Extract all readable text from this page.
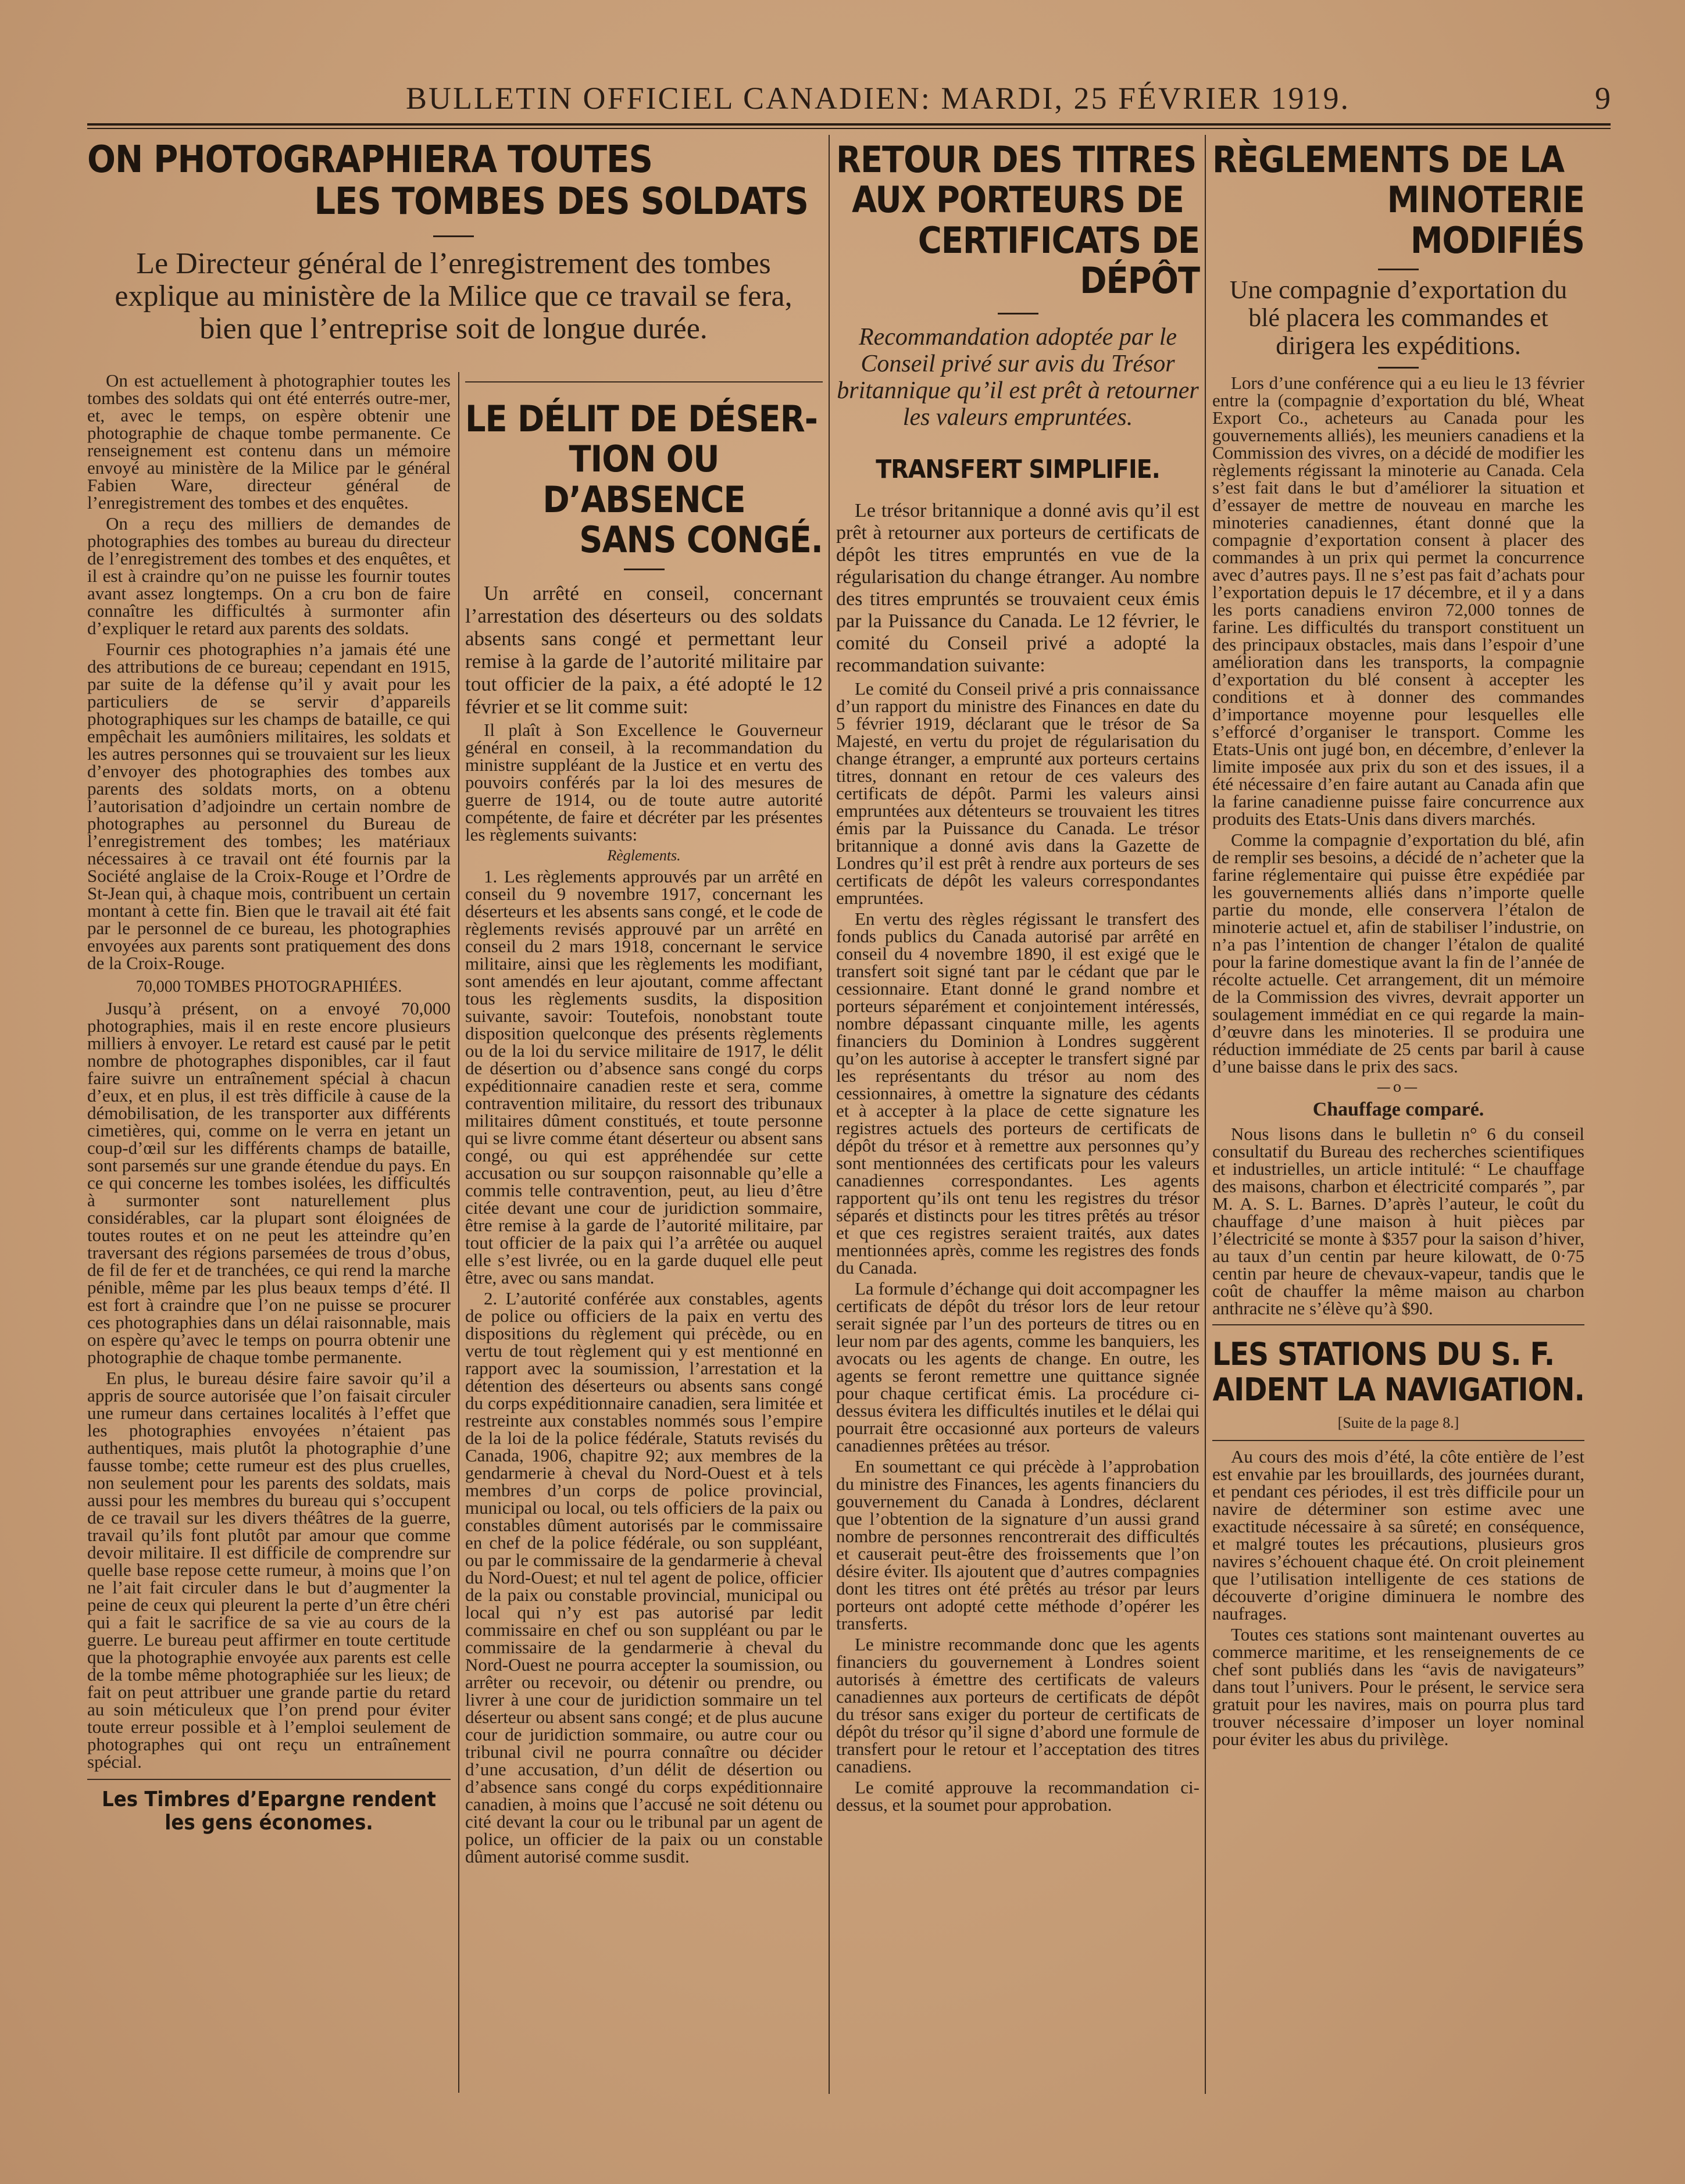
BULLETIN OFFICIEL CANADIEN: MARDI, 25 FÉVRIER 1919.	9
ON PHOTOGRAPHIERA TOUTES
LES TOMBES DES SOLDATS
Le Directeur général de l’enregistrement des tombes explique au ministère de la Milice que ce travail se fera, bien que l’entreprise soit de longue durée.

On est actuellement à photographier toutes les tombes des soldats qui ont été enterrés outre-mer, et, avec le temps, on espère obtenir une photographie de chaque tombe permanente. Ce renseignement est contenu dans un mémoire envoyé au ministère de la Milice par le général Fabien Ware, directeur général de l’enregistrement des tombes et des enquêtes.

On a reçu des milliers de demandes de photographies des tombes au bureau du directeur de l’enregistrement des tombes et des enquêtes, et il est à craindre qu’on ne puisse les fournir toutes avant assez longtemps. On a cru bon de faire connaître les difficultés à surmonter afin d’expliquer le retard aux parents des soldats.

Fournir ces photographies n’a jamais été une des attributions de ce bureau; cependant en 1915, par suite de la défense qu’il y avait pour les particuliers de se servir d’appareils photographiques sur les champs de bataille, ce qui empêchait les aumôniers militaires, les soldats et les autres personnes qui se trouvaient sur les lieux d’envoyer des photographies des tombes aux parents des soldats morts, on a obtenu l’autorisation d’adjoindre un certain nombre de photographes au personnel du Bureau de l’enregistrement des tombes; les matériaux nécessaires à ce travail ont été fournis par la Société anglaise de la Croix-Rouge et l’Ordre de St-Jean qui, à chaque mois, contribuent un certain montant à cette fin. Bien que le travail ait été fait par le personnel de ce bureau, les photographies envoyées aux parents sont pratiquement des dons de la Croix-Rouge.

70,000 TOMBES PHOTOGRAPHIÉES.

Jusqu’à présent, on a envoyé 70,000 photographies, mais il en reste encore plusieurs milliers à envoyer. Le retard est causé par le petit nombre de photographes disponibles, car il faut faire suivre un entraînement spécial à chacun d’eux, et en plus, il est très difficile à cause de la démobilisation, de les transporter aux différents cimetières, qui, comme on le verra en jetant un coup-d’œil sur les différents champs de bataille, sont parsemés sur une grande étendue du pays. En ce qui concerne les tombes isolées, les difficultés à surmonter sont naturellement plus considérables, car la plupart sont éloignées de toutes routes et on ne peut les atteindre qu’en traversant des régions parsemées de trous d’obus, de fil de fer et de tranchées, ce qui rend la marche pénible, même par les plus beaux temps d’été. Il est fort à craindre que l’on ne puisse se procurer ces photographies dans un délai raisonnable, mais on espère qu’avec le temps on pourra obtenir une photographie de chaque tombe permanente.

En plus, le bureau désire faire savoir qu’il a appris de source autorisée que l’on faisait circuler une rumeur dans certaines localités à l’effet que les photographies envoyées n’étaient pas authentiques, mais plutôt la photographie d’une fausse tombe; cette rumeur est des plus cruelles, non seulement pour les parents des soldats, mais aussi pour les membres du bureau qui s’occupent de ce travail sur les divers théâtres de la guerre, travail qu’ils font plutôt par amour que comme devoir militaire. Il est difficile de comprendre sur quelle base repose cette rumeur, à moins que l’on ne l’ait fait circuler dans le but d’augmenter la peine de ceux qui pleurent la perte d’un être chéri qui a fait le sacrifice de sa vie au cours de la guerre. Le bureau peut affirmer en toute certitude que la photographie envoyée aux parents est celle de la tombe même photographiée sur les lieux; de fait on peut attribuer une grande partie du retard au soin méticuleux que l’on prend pour éviter toute erreur possible et à l’emploi seulement de photographes qui ont reçu un entraînement spécial.

Les Timbres d’Epargne rendent les gens économes.
LE DÉLIT DE DÉSER-
TION OU D’ABSENCE
SANS CONGÉ.

Un arrêté en conseil, concernant l’arrestation des déserteurs ou des soldats absents sans congé et permettant leur remise à la garde de l’autorité militaire par tout officier de la paix, a été adopté le 12 février et se lit comme suit:

Il plaît à Son Excellence le Gouverneur général en conseil, à la recommandation du ministre suppléant de la Justice et en vertu des pouvoirs conférés par la loi des mesures de guerre de 1914, ou de toute autre autorité compétente, de faire et décréter par les présentes les règlements suivants:

Règlements.

1. Les règlements approuvés par un arrêté en conseil du 9 novembre 1917, concernant les déserteurs et les absents sans congé, et le code de règlements revisés approuvé par un arrêté en conseil du 2 mars 1918, concernant le service militaire, ainsi que les règlements les modifiant, sont amendés en leur ajoutant, comme affectant tous les règlements susdits, la disposition suivante, savoir: Toutefois, nonobstant toute disposition quelconque des présents règlements ou de la loi du service militaire de 1917, le délit de désertion ou d’absence sans congé du corps expéditionnaire canadien reste et sera, comme contravention militaire, du ressort des tribunaux militaires dûment constitués, et toute personne qui se livre comme étant déserteur ou absent sans congé, ou qui est appréhendée sur cette accusation ou sur soupçon raisonnable qu’elle a commis telle contravention, peut, au lieu d’être citée devant une cour de juridiction sommaire, être remise à la garde de l’autorité militaire, par tout officier de la paix qui l’a arrêtée ou auquel elle s’est livrée, ou en la garde duquel elle peut être, avec ou sans mandat.

2. L’autorité conférée aux constables, agents de police ou officiers de la paix en vertu des dispositions du règlement qui précède, ou en vertu de tout règlement qui y est mentionné en rapport avec la soumission, l’arrestation et la détention des déserteurs ou absents sans congé du corps expéditionnaire canadien, sera limitée et restreinte aux constables nommés sous l’empire de la loi de la police fédérale, Statuts revisés du Canada, 1906, chapitre 92; aux membres de la gendarmerie à cheval du Nord-Ouest et à tels membres d’un corps de police provincial, municipal ou local, ou tels officiers de la paix ou constables dûment autorisés par le commissaire en chef de la police fédérale, ou son suppléant, ou par le commissaire de la gendarmerie à cheval du Nord-Ouest; et nul tel agent de police, officier de la paix ou constable provincial, municipal ou local qui n’y est pas autorisé par ledit commissaire en chef ou son suppléant ou par le commissaire de la gendarmerie à cheval du Nord-Ouest ne pourra accepter la soumission, ou arrêter ou recevoir, ou détenir ou prendre, ou livrer à une cour de juridiction sommaire un tel déserteur ou absent sans congé; et de plus aucune cour de juridiction sommaire, ou autre cour ou tribunal civil ne pourra connaître ou décider d’une accusation, d’un délit de désertion ou d’absence sans congé du corps expéditionnaire canadien, à moins que l’accusé ne soit détenu ou cité devant la cour ou le tribunal par un agent de police, un officier de la paix ou un constable dûment autorisé comme susdit.

RETOUR DES TITRES
AUX PORTEURS DE
CERTIFICATS DE DÉPÔT
Recommandation adoptée par le Conseil privé sur avis du Trésor britannique qu’il est prêt à retourner les valeurs empruntées.
TRANSFERT SIMPLIFIE.

Le trésor britannique a donné avis qu’il est prêt à retourner aux porteurs de certificats de dépôt les titres empruntés en vue de la régularisation du change étranger. Au nombre des titres empruntés se trouvaient ceux émis par la Puissance du Canada. Le 12 février, le comité du Conseil privé a adopté la recommandation suivante:

Le comité du Conseil privé a pris connaissance d’un rapport du ministre des Finances en date du 5 février 1919, déclarant que le trésor de Sa Majesté, en vertu du projet de régularisation du change étranger, a emprunté aux porteurs certains titres, donnant en retour de ces valeurs des certificats de dépôt. Parmi les valeurs ainsi empruntées aux détenteurs se trouvaient les titres émis par la Puissance du Canada. Le trésor britannique a donné avis dans la Gazette de Londres qu’il est prêt à rendre aux porteurs de ses certificats de dépôt les valeurs correspondantes empruntées.

En vertu des règles régissant le transfert des fonds publics du Canada autorisé par arrêté en conseil du 4 novembre 1890, il est exigé que le transfert soit signé tant par le cédant que par le cessionnaire. Etant donné le grand nombre et porteurs séparément et conjointement intéressés, nombre dépassant cinquante mille, les agents financiers du Dominion à Londres suggèrent qu’on les autorise à accepter le transfert signé par les représentants du trésor au nom des cessionnaires, à omettre la signature des cédants et à accepter à la place de cette signature les registres actuels des porteurs de certificats de dépôt du trésor et à remettre aux personnes qu’y sont mentionnées des certificats pour les valeurs canadiennes correspondantes. Les agents rapportent qu’ils ont tenu les registres du trésor séparés et distincts pour les titres prêtés au trésor et que ces registres seraient traités, aux dates mentionnées après, comme les registres des fonds du Canada.

La formule d’échange qui doit accompagner les certificats de dépôt du trésor lors de leur retour serait signée par l’un des porteurs de titres ou en leur nom par des agents, comme les banquiers, les avocats ou les agents de change. En outre, les agents se feront remettre une quittance signée pour chaque certificat émis. La procédure ci-dessus évitera les difficultés inutiles et le délai qui pourrait être occasionné aux porteurs de valeurs canadiennes prêtées au trésor.

En soumettant ce qui précède à l’approbation du ministre des Finances, les agents financiers du gouvernement du Canada à Londres, déclarent que l’obtention de la signature d’un aussi grand nombre de personnes rencontrerait des difficultés et causerait peut-être des froissements que l’on désire éviter. Ils ajoutent que d’autres compagnies dont les titres ont été prêtés au trésor par leurs porteurs ont adopté cette méthode d’opérer les transferts.

Le ministre recommande donc que les agents financiers du gouvernement à Londres soient autorisés à émettre des certificats de valeurs canadiennes aux porteurs de certificats de dépôt du trésor sans exiger du porteur de certificats de dépôt du trésor qu’il signe d’abord une formule de transfert pour le retour et l’acceptation des titres canadiens.

Le comité approuve la recommandation ci-dessus, et la soumet pour approbation.

RÈGLEMENTS DE LA
MINOTERIE MODIFIÉS
Une compagnie d’exportation du blé placera les commandes et dirigera les expéditions.

Lors d’une conférence qui a eu lieu le 13 février entre la (compagnie d’exportation du blé, Wheat Export Co., acheteurs au Canada pour les gouvernements alliés), les meuniers canadiens et la Commission des vivres, on a décidé de modifier les règlements régissant la minoterie au Canada. Cela s’est fait dans le but d’améliorer la situation et d’essayer de mettre de nouveau en marche les minoteries canadiennes, étant donné que la compagnie d’exportation consent à placer des commandes à un prix qui permet la concurrence avec d’autres pays. Il ne s’est pas fait d’achats pour l’exportation depuis le 17 décembre, et il y a dans les ports canadiens environ 72,000 tonnes de farine. Les difficultés du transport constituent un des principaux obstacles, mais dans l’espoir d’une amélioration dans les transports, la compagnie d’exportation du blé consent à accepter les conditions et à donner des commandes d’importance moyenne pour lesquelles elle s’efforcé d’organiser le transport. Comme les Etats-Unis ont jugé bon, en décembre, d’enlever la limite imposée aux prix du son et des issues, il a été nécessaire d’en faire autant au Canada afin que la farine canadienne puisse faire concurrence aux produits des Etats-Unis dans divers marchés.

Comme la compagnie d’exportation du blé, afin de remplir ses besoins, a décidé de n’acheter que la farine réglementaire qui puisse être expédiée par les gouvernements alliés dans n’importe quelle partie du monde, elle conservera l’étalon de minoterie actuel et, afin de stabiliser l’industrie, on n’a pas l’intention de changer l’étalon de qualité pour la farine domestique avant la fin de l’année de récolte actuelle. Cet arrangement, dit un mémoire de la Commission des vivres, devrait apporter un soulagement immédiat en ce qui regarde la main-d’œuvre dans les minoteries. Il se produira une réduction immédiate de 25 cents par baril à cause d’une baisse dans le prix des sacs.

—o—
Chauffage comparé.

Nous lisons dans le bulletin n° 6 du conseil consultatif du Bureau des recherches scientifiques et industrielles, un article intitulé: “ Le chauffage des maisons, charbon et électricité comparés ”, par M. A. S. L. Barnes. D’après l’auteur, le coût du chauffage d’une maison à huit pièces par l’électricité se monte à $357 pour la saison d’hiver, au taux d’un centin par heure kilowatt, de 0·75 centin par heure de chevaux-vapeur, tandis que le coût de chauffer la même maison au charbon anthracite ne s’élève qu’à $90.

LES STATIONS DU S. F.
AIDENT LA NAVIGATION.
[Suite de la page 8.]

Au cours des mois d’été, la côte entière de l’est est envahie par les brouillards, des journées durant, et pendant ces périodes, il est très difficile pour un navire de déterminer son estime avec une exactitude nécessaire à sa sûreté; en conséquence, et malgré toutes les précautions, plusieurs gros navires s’échouent chaque été. On croit pleinement que l’utilisation intelligente de ces stations de découverte d’origine diminuera le nombre des naufrages.

Toutes ces stations sont maintenant ouvertes au commerce maritime, et les renseignements de ce chef sont publiés dans les “avis de navigateurs” dans tout l’univers. Pour le présent, le service sera gratuit pour les navires, mais on pourra plus tard trouver nécessaire d’imposer un loyer nominal pour éviter les abus du privilège.
